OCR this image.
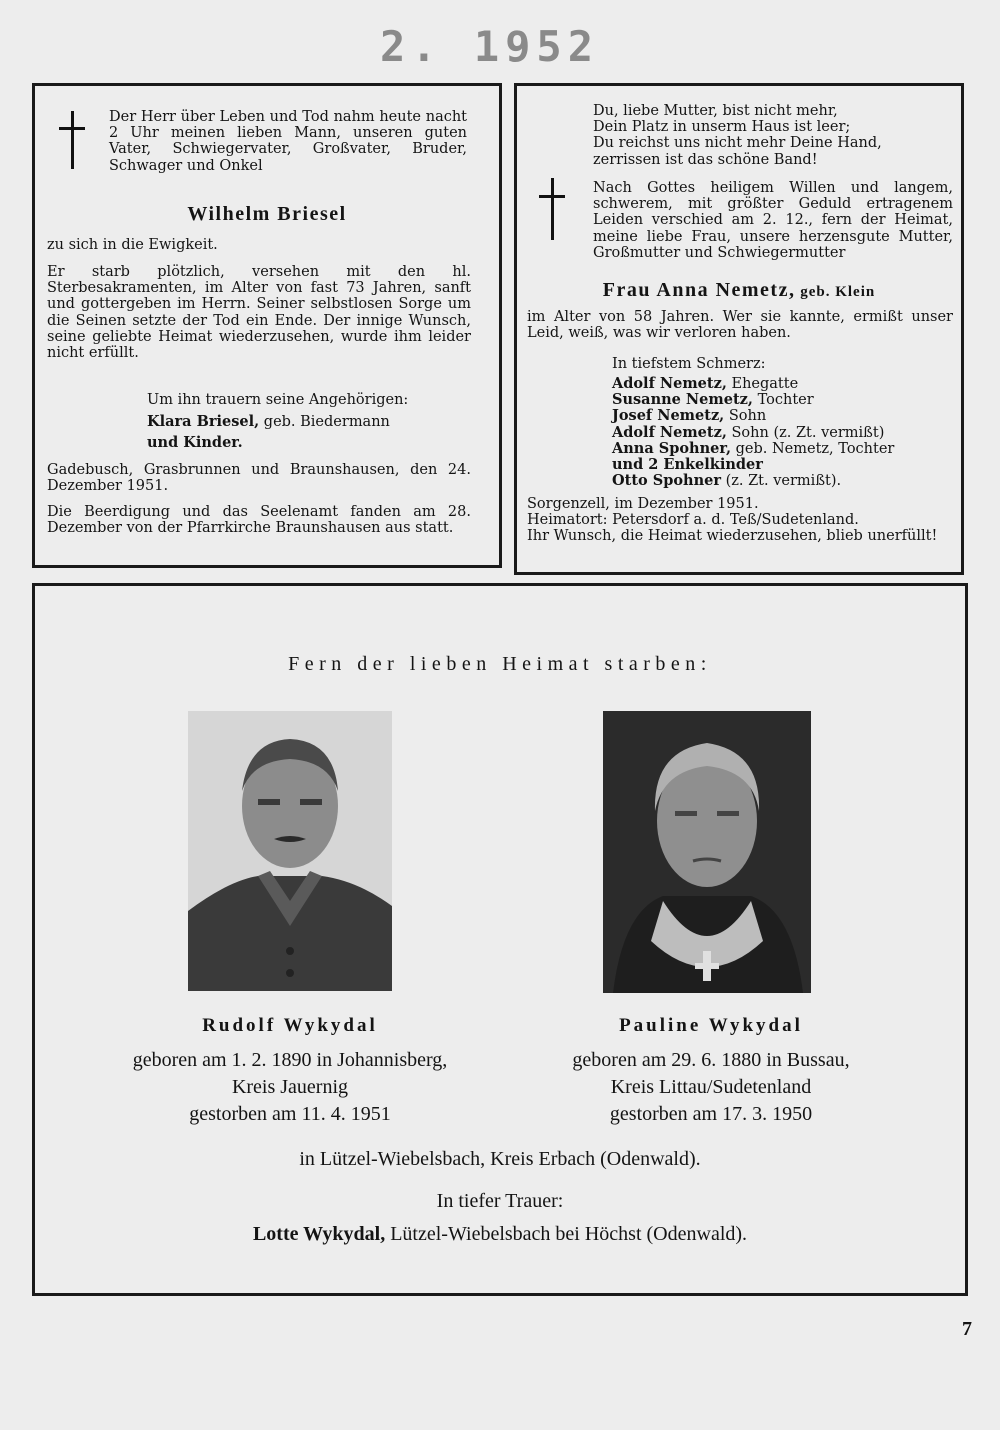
2. 1952
Der Herr über Leben und Tod nahm heute nacht 2 Uhr meinen lieben Mann, unseren guten Vater, Schwiegervater, Großvater, Bruder, Schwager und Onkel
Wilhelm Briesel
zu sich in die Ewigkeit.
Er starb plötzlich, versehen mit den hl. Sterbesakramenten, im Alter von fast 73 Jahren, sanft und gottergeben im Herrn. Seiner selbstlosen Sorge um die Seinen setzte der Tod ein Ende. Der innige Wunsch, seine geliebte Heimat wiederzusehen, wurde ihm leider nicht erfüllt.
Um ihn trauern seine Angehörigen:
Klara Briesel, geb. Biedermann
und Kinder.
Gadebusch, Grasbrunnen und Braunshausen, den 24. Dezember 1951.
Die Beerdigung und das Seelenamt fanden am 28. Dezember von der Pfarrkirche Braunshausen aus statt.
Du, liebe Mutter, bist nicht mehr,
Dein Platz in unserm Haus ist leer;
Du reichst uns nicht mehr Deine Hand,
zerrissen ist das schöne Band!
Nach Gottes heiligem Willen und langem, schwerem, mit größter Geduld ertragenem Leiden verschied am 2. 12., fern der Heimat, meine liebe Frau, unsere herzensgute Mutter, Großmutter und Schwiegermutter
Frau Anna Nemetz, geb. Klein
im Alter von 58 Jahren. Wer sie kannte, ermißt unser Leid, weiß, was wir verloren haben.
In tiefstem Schmerz:
Adolf Nemetz, Ehegatte
Susanne Nemetz, Tochter
Josef Nemetz, Sohn
Adolf Nemetz, Sohn (z. Zt. vermißt)
Anna Spohner, geb. Nemetz, Tochter
und 2 Enkelkinder
Otto Spohner (z. Zt. vermißt).
Sorgenzell, im Dezember 1951.
Heimatort: Petersdorf a. d. Teß/Sudetenland.
Ihr Wunsch, die Heimat wiederzusehen, blieb unerfüllt!
Fern der lieben Heimat starben:
Rudolf Wykydal
geboren am 1. 2. 1890 in Johannisberg,
Kreis Jauernig
gestorben am 11. 4. 1951
Pauline Wykydal
geboren am 29. 6. 1880 in Bussau,
Kreis Littau/Sudetenland
gestorben am 17. 3. 1950
in Lützel-Wiebelsbach, Kreis Erbach (Odenwald).
In tiefer Trauer:
Lotte Wykydal, Lützel-Wiebelsbach bei Höchst (Odenwald).
7
